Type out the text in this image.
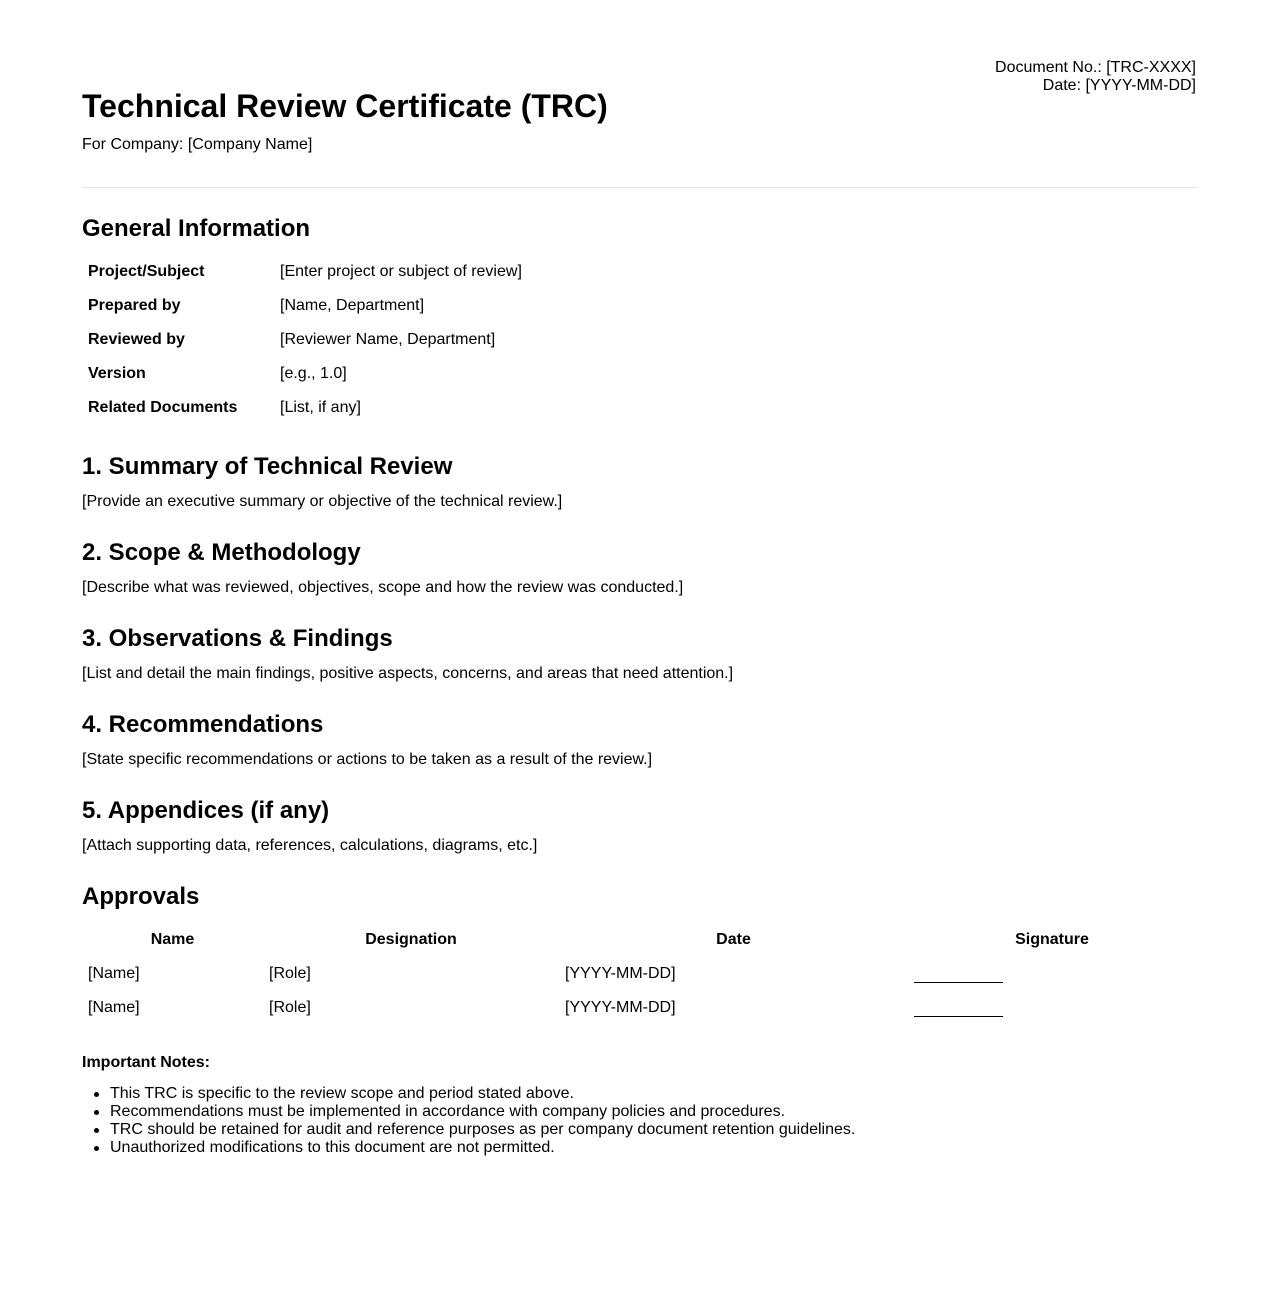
Document No.: [TRC-XXXX]
Date: [YYYY-MM-DD]
Technical Review Certificate (TRC)
For Company: [Company Name]
General Information
Project/Subject	[Enter project or subject of review]
Prepared by	[Name, Department]
Reviewed by	[Reviewer Name, Department]
Version	[e.g., 1.0]
Related Documents	[List, if any]
1. Summary of Technical Review
[Provide an executive summary or objective of the technical review.]
2. Scope & Methodology
[Describe what was reviewed, objectives, scope and how the review was conducted.]
3. Observations & Findings
[List and detail the main findings, positive aspects, concerns, and areas that need attention.]
4. Recommendations
[State specific recommendations or actions to be taken as a result of the review.]
5. Appendices (if any)
[Attach supporting data, references, calculations, diagrams, etc.]
Approvals
Name	Designation	Date	Signature
[Name]	[Role]	[YYYY-MM-DD]
[Name]	[Role]	[YYYY-MM-DD]
Important Notes:
This TRC is specific to the review scope and period stated above.
Recommendations must be implemented in accordance with company policies and procedures.
TRC should be retained for audit and reference purposes as per company document retention guidelines.
Unauthorized modifications to this document are not permitted.
